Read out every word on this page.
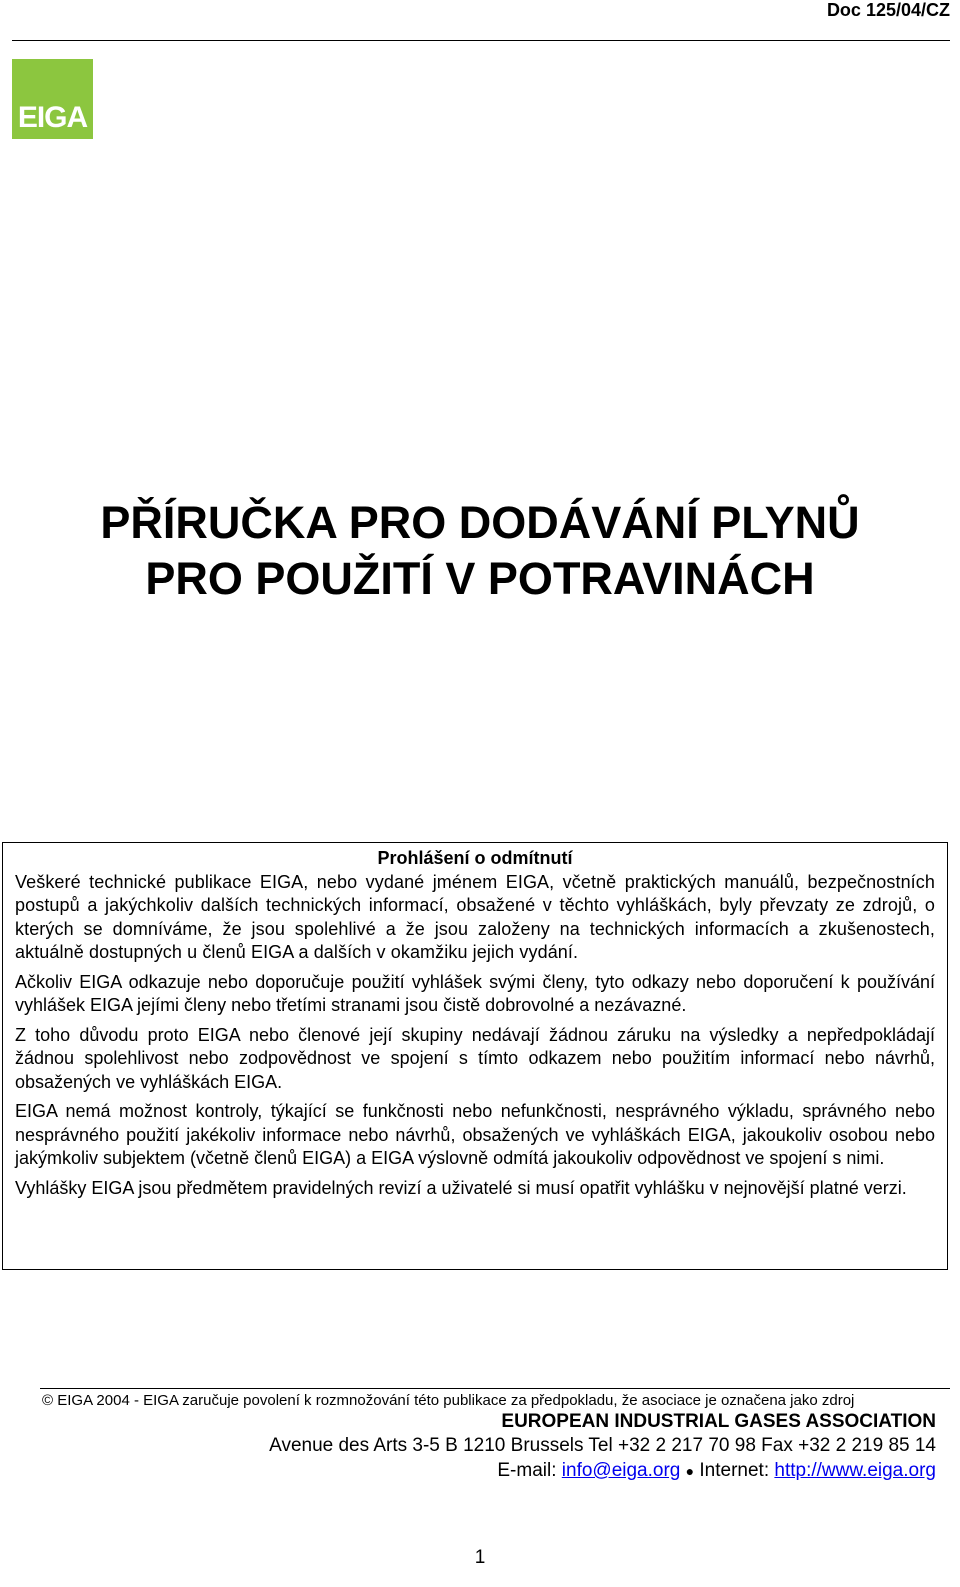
Doc 125/04/CZ
EIGA
PŘÍRUČKA PRO DODÁVÁNÍ PLYNŮ
PRO POUŽITÍ V POTRAVINÁCH
Prohlášení o odmítnutí

Veškeré technické publikace EIGA, nebo vydané jménem EIGA, včetně praktických manuálů, bezpečnostních postupů a jakýchkoliv dalších technických informací, obsažené v těchto vyhláškách, byly převzaty ze zdrojů, o kterých se domníváme, že jsou spolehlivé a že jsou založeny na technických informacích a zkušenostech, aktuálně dostupných u členů EIGA a dalších v okamžiku jejich vydání.

Ačkoliv EIGA odkazuje nebo doporučuje použití vyhlášek svými členy, tyto odkazy nebo doporučení k používání vyhlášek EIGA jejími členy nebo třetími stranami jsou čistě dobrovolné a nezávazné.

Z toho důvodu proto EIGA nebo členové její skupiny nedávají žádnou záruku na výsledky a nepředpokládají žádnou spolehlivost nebo zodpovědnost ve spojení s tímto odkazem nebo použitím informací nebo návrhů, obsažených ve vyhláškách EIGA.

EIGA nemá možnost kontroly, týkající se funkčnosti nebo nefunkčnosti, nesprávného výkladu, správného nebo nesprávného použití jakékoliv informace nebo návrhů, obsažených ve vyhláškách EIGA, jakoukoliv osobou nebo jakýmkoliv subjektem (včetně členů EIGA) a EIGA výslovně odmítá jakoukoliv odpovědnost ve spojení s nimi.

Vyhlášky EIGA jsou předmětem pravidelných revizí a uživatelé si musí opatřit vyhlášku v nejnovější platné verzi.

© EIGA 2004 - EIGA zaručuje povolení k rozmnožování této publikace za předpokladu, že asociace je označena jako zdroj
EUROPEAN INDUSTRIAL GASES ASSOCIATION
Avenue des Arts 3-5 B 1210 Brussels Tel +32 2 217 70 98 Fax +32 2 219 85 14
E-mail: info@eiga.org ● Internet: http://www.eiga.org
1
